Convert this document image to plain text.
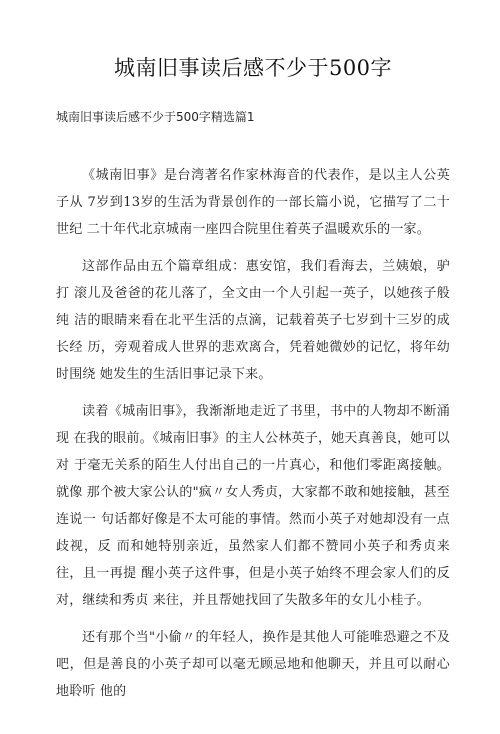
城南旧事读后感不少于500字
城南旧事读后感不少于500字精选篇1

《城南旧事》是台湾著名作家林海音的代表作，是以主人公英子从 7岁到13岁的生活为背景创作的一部长篇小说，它描写了二十世纪 二十年代北京城南一座四合院里住着英子温暖欢乐的一家。

这部作品由五个篇章组成：惠安馆，我们看海去，兰姨娘，驴打 滚儿及爸爸的花儿落了，全文由一个人引起一英子，以她孩子般纯 洁的眼睛来看在北平生活的点滴，记载着英子七岁到十三岁的成长经 历，旁观着成人世界的悲欢离合，凭着她微妙的记忆，将年幼时围绕 她发生的生活旧事记录下来。

读着《城南旧事》，我渐渐地走近了书里，书中的人物却不断涌现 在我的眼前。《城南旧事》的主人公林英子，她天真善良，她可以对 于毫无关系的陌生人付出自己的一片真心，和他们零距离接触。就像 那个被大家公认的"疯〃女人秀贞，大家都不敢和她接触，甚至连说一 句话都好像是不太可能的事情。然而小英子对她却没有一点歧视，反 而和她特别亲近，虽然家人们都不赞同小英子和秀贞来往，且一再提 醒小英子这件事，但是小英子始终不理会家人们的反对，继续和秀贞 来往，并且帮她找回了失散多年的女儿小桂子。

还有那个当"小偷〃的年轻人，换作是其他人可能唯恐避之不及吧，但是善良的小英子却可以毫无顾忌地和他聊天，并且可以耐心地聆听 他的
